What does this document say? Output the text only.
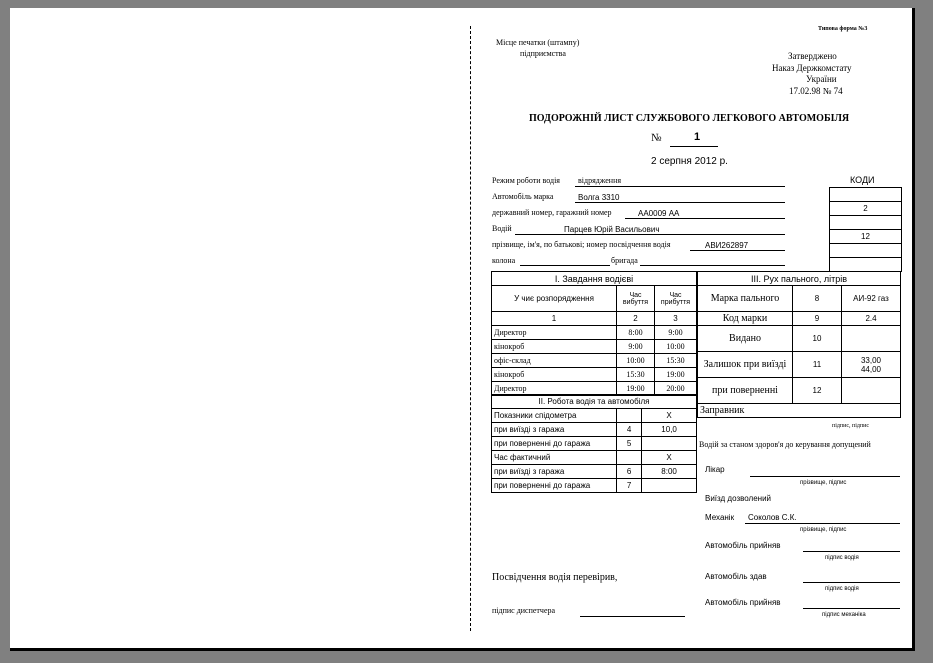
Типова форма №3
Місце печатки (штампу)
підприємства	Затверджено
Наказ Держкомстату
України
17.02.98 № 74
ПОДОРОЖНІЙ ЛИСТ СЛУЖБОВОГО ЛЕГКОВОГО АВТОМОБІЛЯ
№	1
2 серпня 2012 р.
Режим роботи водія відрядження
Автомобіль марка	Волга 3310
державний номер, гаражний номер	АА0009 АА
Водій	Парцев Юрій Васильович
прізвище, ім'я, по батькові; номер посвідчення водія	АВИ262897
колона	бригада
КОДИ

2

12

I. Завдання водієві		
У чиє розпорядження	Час вибуття	Час прибуття
1	2	3
Директор	8:00	9:00
кінокроб	9:00	10:00
офіс-склад	10:00	15:30
кінокроб	15:30	19:00
Директор	19:00	20:00
II. Робота водія та автомобіля		
Показники спідометра		X
при виїзді з гаража	4	10,0
при поверненні до гаража	5	
Час фактичний		X
при виїзді з гаража	6	8:00
при поверненні до гаража	7	
III. Рух пального, літрів		
Марка пального	8	АИ-92 газ
Код марки	9	2.4
Видано	10	
Залишок при виїзді	11	33,00
44,00
при поверненні	12	
Заправник		
підпис, підпис
Водій за станом здоров'я до керування допущений
Лікар
прізвище, підпис
Виїзд дозволений
Механік Соколов С.К.
прізвище, підпис
Автомобіль прийняв
підпис водія
Автомобіль здав
підпис водія
Автомобіль прийняв
підпис механіка
Посвідчення водія перевірив,
підпис диспетчера
